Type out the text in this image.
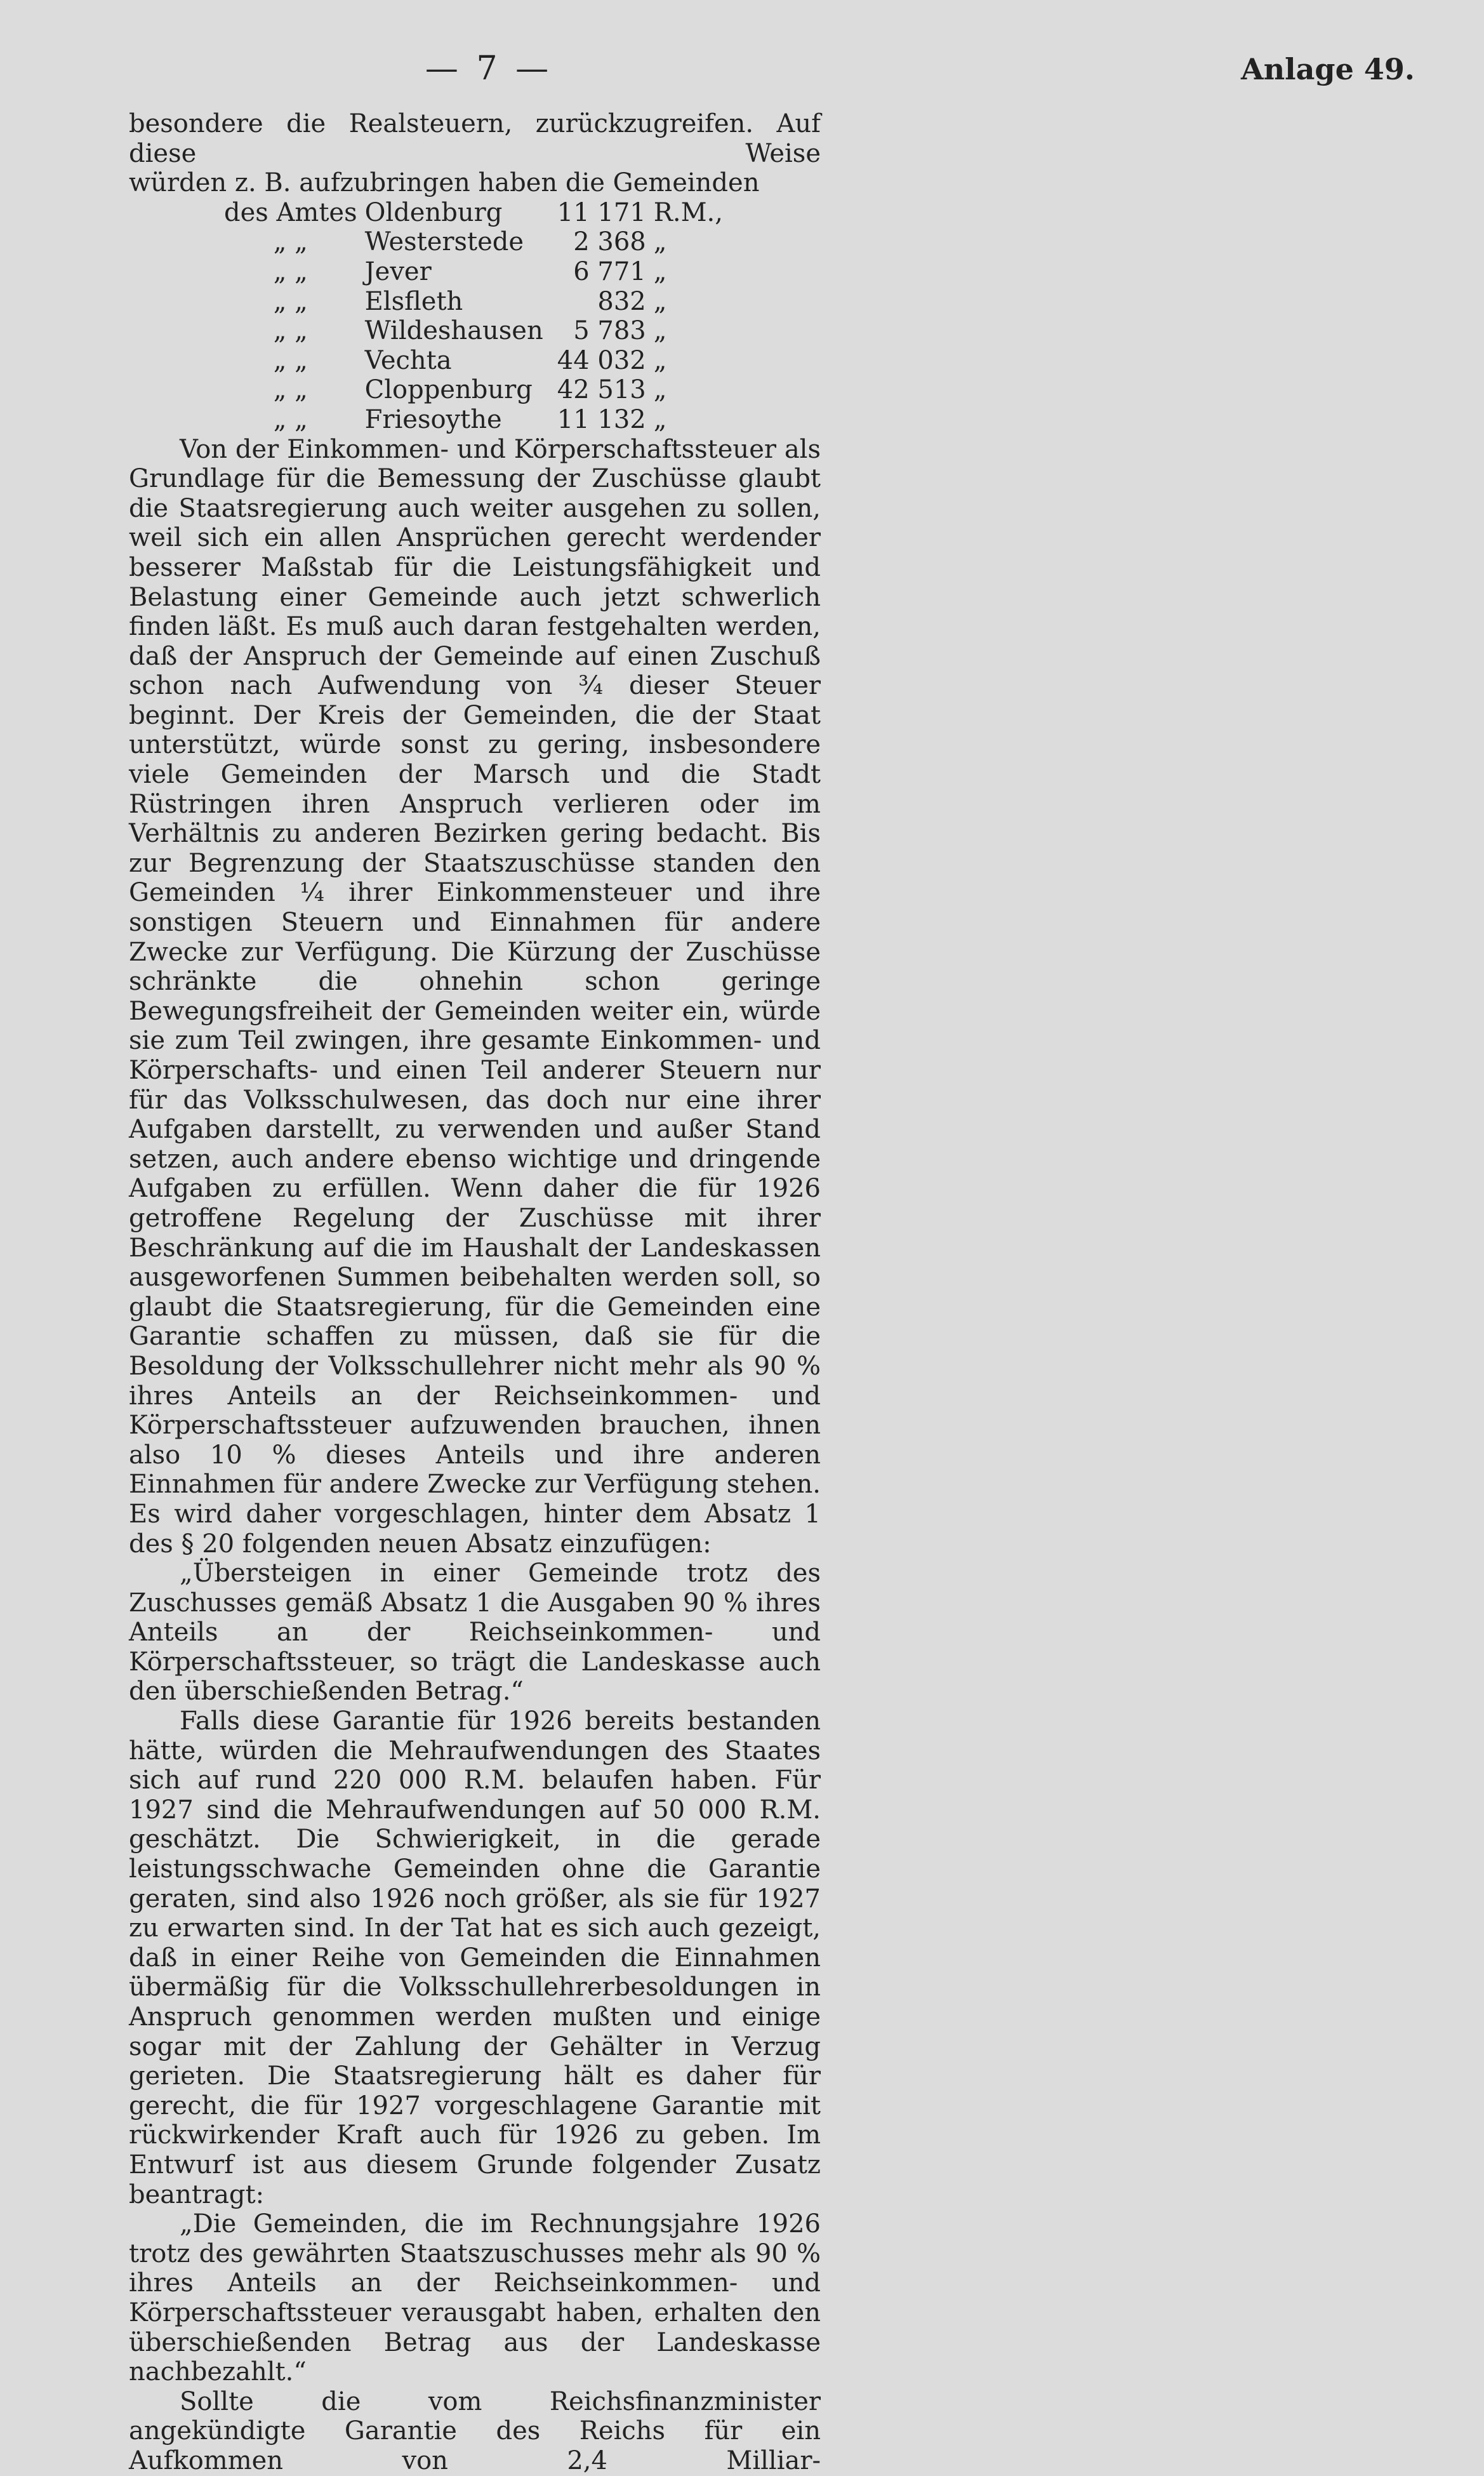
— 7 —	Anlage 49.

besondere die Realsteuern, zurückzugreifen. Auf diese Weise

würden z. B. aufzubringen haben die Gemeinden

des Amtes	Oldenburg	11 171	R.M.,
„ „	Westerstede	2 368	„
„ „	Jever	6 771	„
„ „	Elsfleth	832	„
„ „	Wildeshausen	5 783	„
„ „	Vechta	44 032	„
„ „	Cloppenburg	42 513	„
„ „	Friesoythe	11 132	„

Von der Einkommen- und Körperschaftssteuer als Grundlage für die Bemessung der Zuschüsse glaubt die Staatsregierung auch weiter ausgehen zu sollen, weil sich ein allen Ansprüchen gerecht werdender besserer Maßstab für die Leistungsfähigkeit und Belastung einer Gemeinde auch jetzt schwerlich finden läßt. Es muß auch daran festgehalten werden, daß der Anspruch der Gemeinde auf einen Zuschuß schon nach Aufwendung von ¾ dieser Steuer beginnt. Der Kreis der Gemeinden, die der Staat unterstützt, würde sonst zu gering, insbesondere viele Gemeinden der Marsch und die Stadt Rüstringen ihren Anspruch verlieren oder im Verhältnis zu anderen Bezirken gering bedacht. Bis zur Begrenzung der Staatszuschüsse standen den Gemeinden ¼ ihrer Einkommensteuer und ihre sonstigen Steuern und Einnahmen für andere Zwecke zur Verfügung. Die Kürzung der Zuschüsse schränkte die ohnehin schon geringe Bewegungsfreiheit der Gemeinden weiter ein, würde sie zum Teil zwingen, ihre gesamte Einkommen- und Körperschafts- und einen Teil anderer Steuern nur für das Volksschulwesen, das doch nur eine ihrer Aufgaben darstellt, zu verwenden und außer Stand setzen, auch andere ebenso wichtige und dringende Aufgaben zu erfüllen. Wenn daher die für 1926 getroffene Regelung der Zuschüsse mit ihrer Beschränkung auf die im Haushalt der Landeskassen ausgeworfenen Summen beibehalten werden soll, so glaubt die Staatsregierung, für die Gemeinden eine Garantie schaffen zu müssen, daß sie für die Besoldung der Volksschullehrer nicht mehr als 90 % ihres Anteils an der Reichseinkommen- und Körperschaftssteuer aufzuwenden brauchen, ihnen also 10 % dieses Anteils und ihre anderen Einnahmen für andere Zwecke zur Verfügung stehen. Es wird daher vorgeschlagen, hinter dem Absatz 1 des § 20 folgenden neuen Absatz einzufügen:

„Übersteigen in einer Gemeinde trotz des Zuschusses gemäß Absatz 1 die Ausgaben 90 % ihres Anteils an der Reichseinkommen- und Körperschaftssteuer, so trägt die Landeskasse auch den überschießenden Betrag.“

Falls diese Garantie für 1926 bereits bestanden hätte, würden die Mehraufwendungen des Staates sich auf rund 220 000 R.M. belaufen haben. Für 1927 sind die Mehraufwendungen auf 50 000 R.M. geschätzt. Die Schwierigkeit, in die gerade leistungsschwache Gemeinden ohne die Garantie geraten, sind also 1926 noch größer, als sie für 1927 zu erwarten sind. In der Tat hat es sich auch gezeigt, daß in einer Reihe von Gemeinden die Einnahmen übermäßig für die Volksschullehrerbesoldungen in Anspruch genommen werden mußten und einige sogar mit der Zahlung der Gehälter in Verzug gerieten. Die Staatsregierung hält es daher für gerecht, die für 1927 vorgeschlagene Garantie mit rückwirkender Kraft auch für 1926 zu geben. Im Entwurf ist aus diesem Grunde folgender Zusatz beantragt:

„Die Gemeinden, die im Rechnungsjahre 1926 trotz des gewährten Staatszuschusses mehr als 90 % ihres Anteils an der Reichseinkommen- und Körperschaftssteuer verausgabt haben, erhalten den überschießenden Betrag aus der Landeskasse nachbezahlt.“

Sollte die vom Reichsfinanzminister angekündigte Garantie des Reichs für ein Aufkommen von 2,4 Milliar-
